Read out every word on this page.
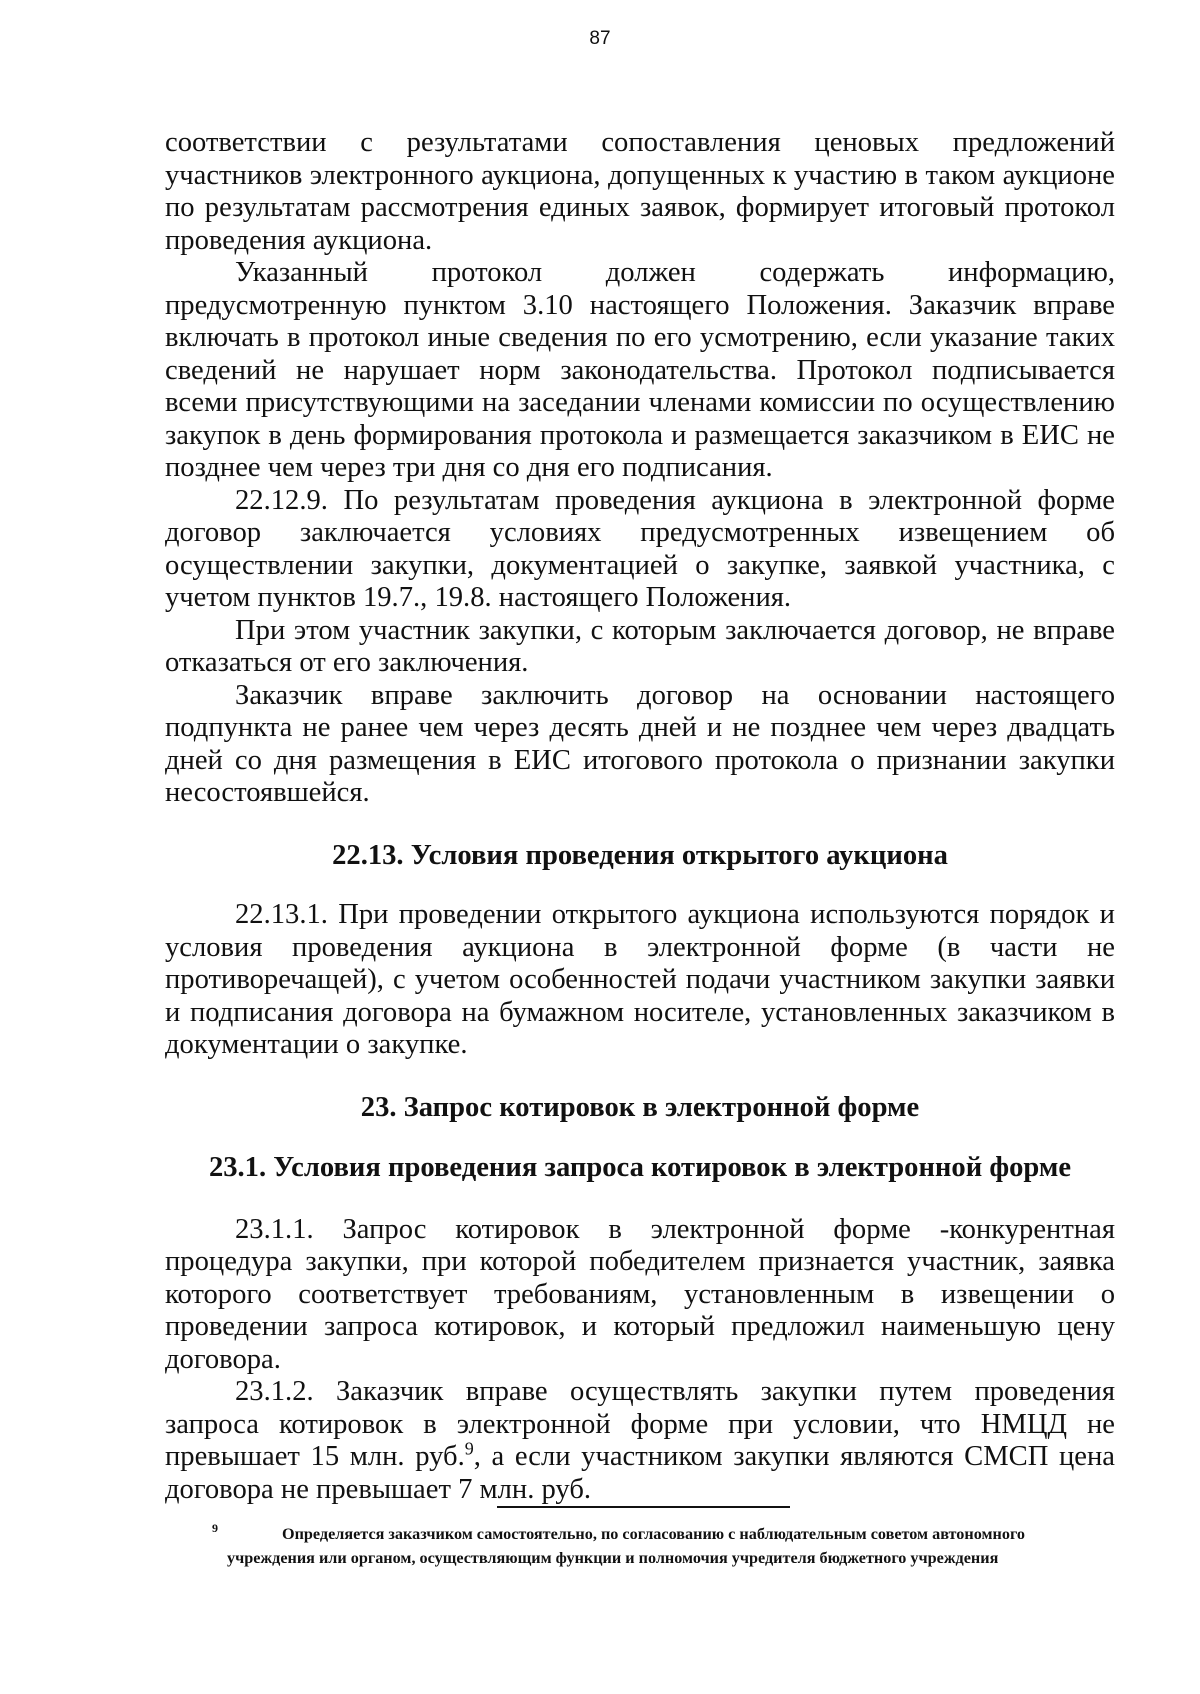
87

соответствии с результатами сопоставления ценовых предложений участников электронного аукциона, допущенных к участию в таком аукционе по результатам рассмотрения единых заявок, формирует итоговый протокол проведения аукциона.

Указанный протокол должен содержать информацию, предусмотренную пунктом 3.10 настоящего Положения. Заказчик вправе включать в протокол иные сведения по его усмотрению, если указание таких сведений не нарушает норм законодательства. Протокол подписывается всеми присутствующими на заседании членами комиссии по осуществлению закупок в день формирования протокола и размещается заказчиком в ЕИС не позднее чем через три дня со дня его подписания.

22.12.9. По результатам проведения аукциона в электронной форме договор заключается условиях предусмотренных извещением об осуществлении закупки, документацией о закупке, заявкой участника, с учетом пунктов 19.7., 19.8. настоящего Положения.

При этом участник закупки, с которым заключается договор, не вправе отказаться от его заключения.

Заказчик вправе заключить договор на основании настоящего подпункта не ранее чем через десять дней и не позднее чем через двадцать дней со дня размещения в ЕИС итогового протокола о признании закупки несостоявшейся.

22.13. Условия проведения открытого аукциона

22.13.1. При проведении открытого аукциона используются порядок и условия проведения аукциона в электронной форме (в части не противоречащей), с учетом особенностей подачи участником закупки заявки и подписания договора на бумажном носителе, установленных заказчиком в документации о закупке.

23. Запрос котировок в электронной форме

23.1. Условия проведения запроса котировок в электронной форме

23.1.1. Запрос котировок в электронной форме -конкурентная процедура закупки, при которой победителем признается участник, заявка которого соответствует требованиям, установленным в извещении о проведении запроса котировок, и который предложил наименьшую цену договора.

23.1.2. Заказчик вправе осуществлять закупки путем проведения запроса котировок в электронной форме при условии, что НМЦД не превышает 15 млн. руб.$^9$, а если участником закупки являются СМСП цена договора не превышает 7 млн. руб.

9	Определяется заказчиком самостоятельно, по согласованию с наблюдательным советом автономного
учреждения или органом, осуществляющим функции и полномочия учредителя бюджетного учреждения
